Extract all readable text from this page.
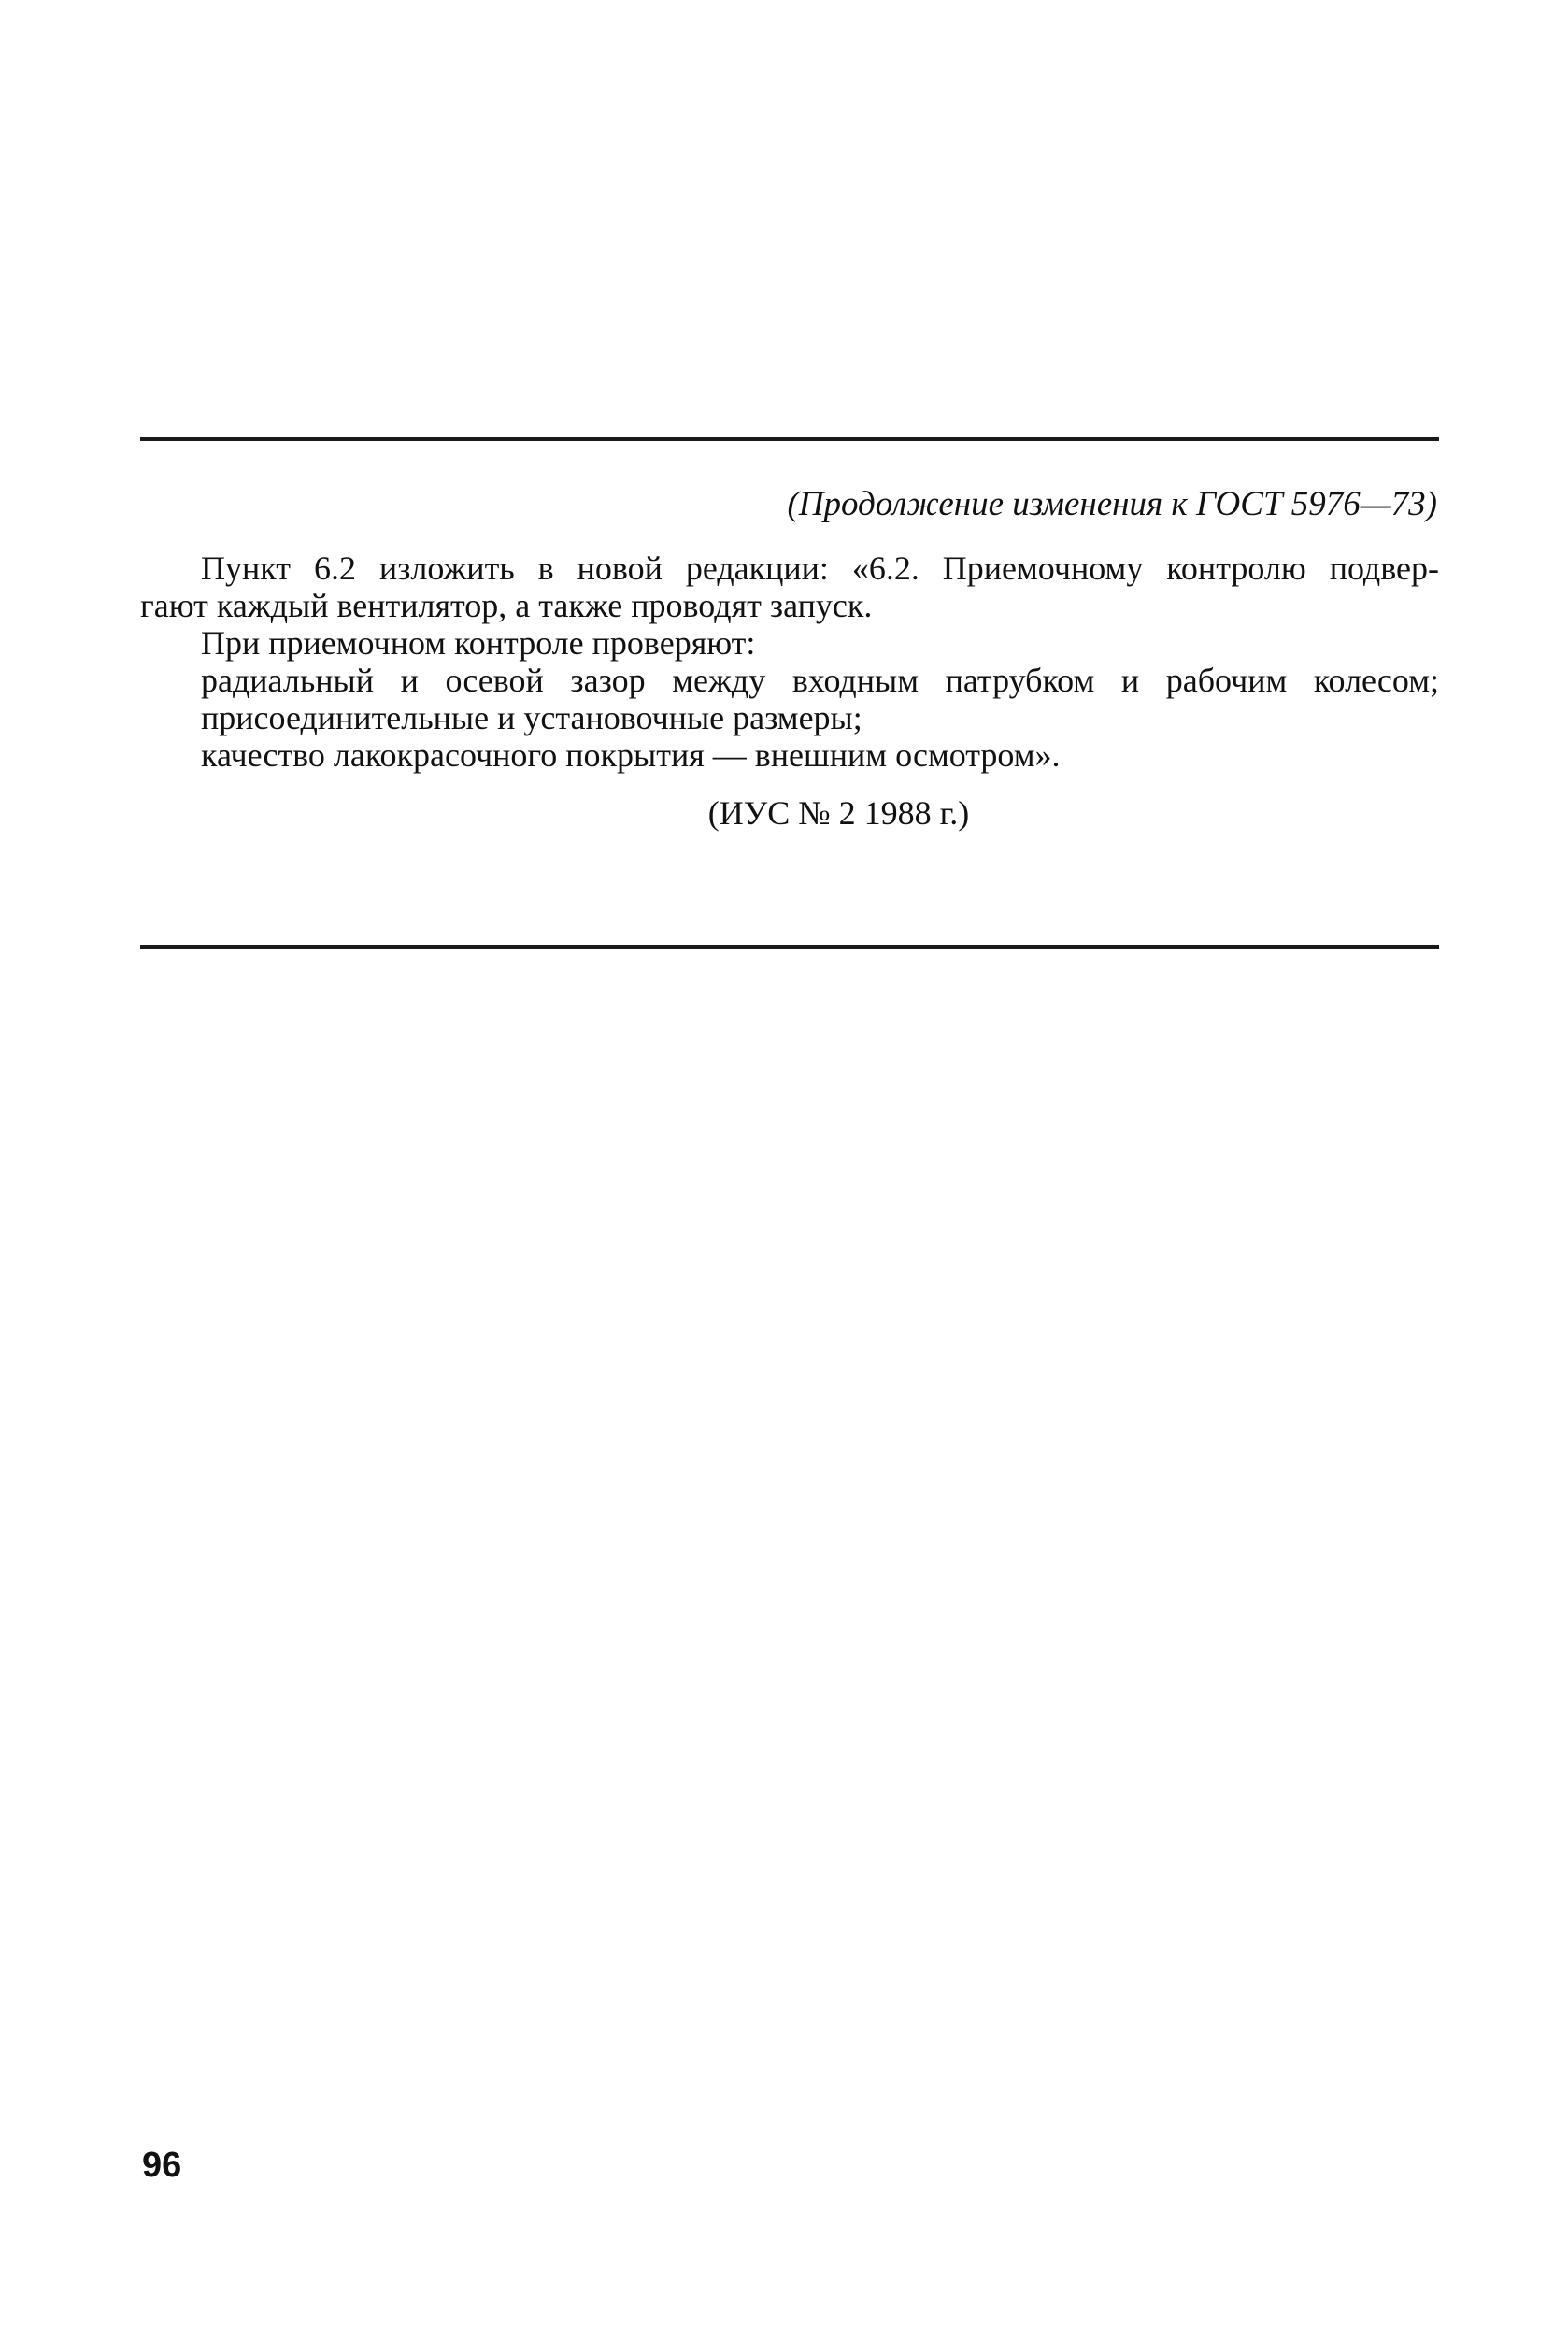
(Продолжение изменения к ГОСТ 5976—73)

Пункт 6.2 изложить в новой редакции: «6.2. Приемочному контролю подвер-

гают каждый вентилятор, а также проводят запуск.

При приемочном контроле проверяют:

радиальный и осевой зазор между входным патрубком и рабочим колесом;

присоединительные и установочные размеры;

качество лакокрасочного покрытия — внешним осмотром».

(ИУС № 2 1988 г.)

96
